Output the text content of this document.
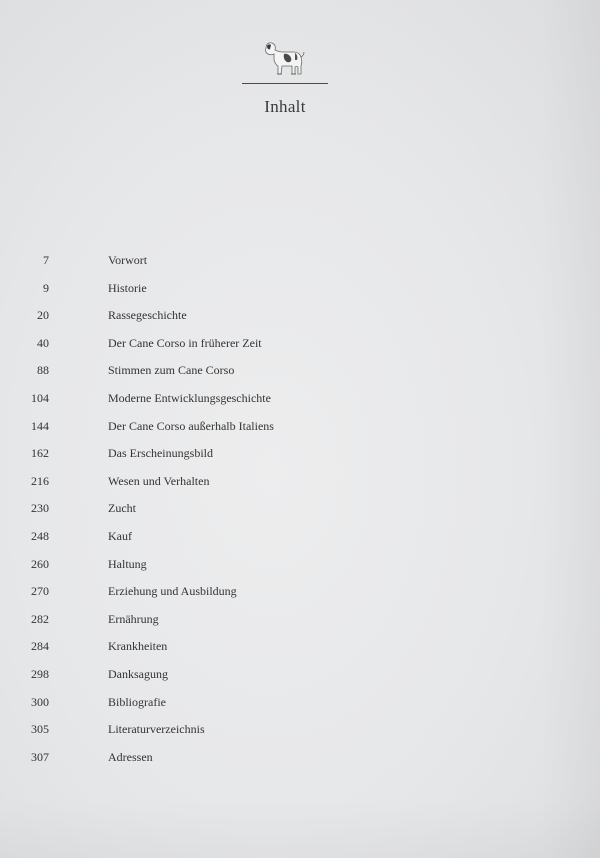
Inhalt
7	Vorwort
9	Historie
20	Rassegeschichte
40	Der Cane Corso in früherer Zeit
88	Stimmen zum Cane Corso
104	Moderne Entwicklungsgeschichte
144	Der Cane Corso außerhalb Italiens
162	Das Erscheinungsbild
216	Wesen und Verhalten
230	Zucht
248	Kauf
260	Haltung
270	Erziehung und Ausbildung
282	Ernährung
284	Krankheiten
298	Danksagung
300	Bibliografie
305	Literaturverzeichnis
307	Adressen
